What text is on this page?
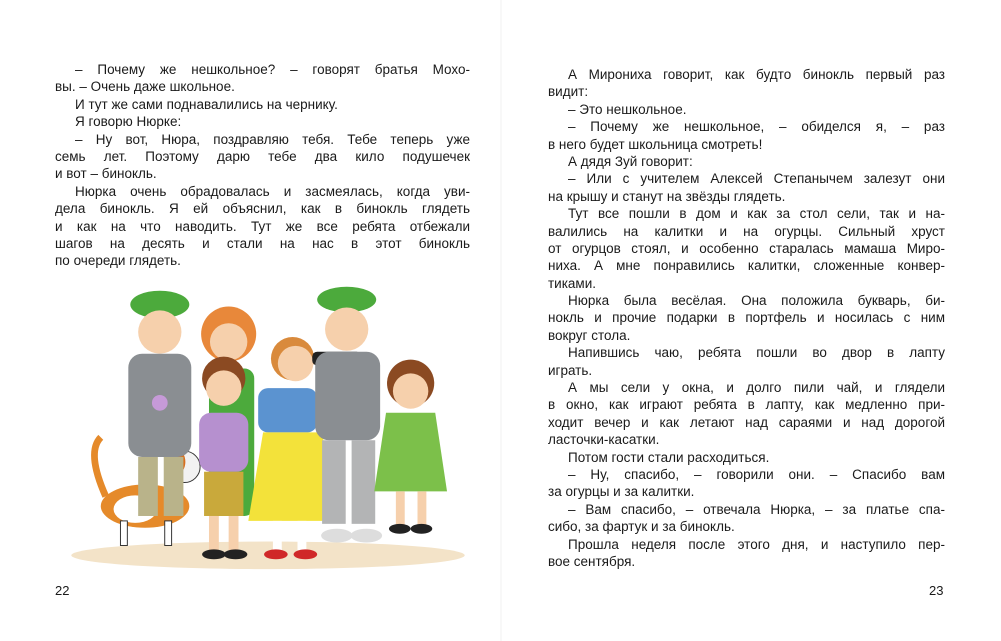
– Почему же нешкольное? – говорят братья Мохо-
вы. – Очень даже школьное.
И тут же сами поднавалились на чернику.
Я говорю Нюрке:
– Ну вот, Нюра, поздравляю тебя. Тебе теперь уже
семь лет. Поэтому дарю тебе два кило подушечек
и вот – бинокль.
Нюрка очень обрадовалась и засмеялась, когда уви-
дела бинокль. Я ей объяснил, как в бинокль глядеть
и как на что наводить. Тут же все ребята отбежали
шагов на десять и стали на нас в этот бинокль
по очереди глядеть.
А Мирониха говорит, как будто бинокль первый раз
видит:
– Это нешкольное.
– Почему же нешкольное, – обиделся я, – раз
в него будет школьница смотреть!
А дядя Зуй говорит:
– Или с учителем Алексей Степанычем залезут они
на крышу и станут на звёзды глядеть.
Тут все пошли в дом и как за стол сели, так и на-
валились на калитки и на огурцы. Сильный хруст
от огурцов стоял, и особенно старалась мамаша Миро-
ниха. А мне понравились калитки, сложенные конвер-
тиками.
Нюрка была весёлая. Она положила букварь, би-
нокль и прочие подарки в портфель и носилась с ним
вокруг стола.
Напившись чаю, ребята пошли во двор в лапту
играть.
А мы сели у окна, и долго пили чай, и глядели
в окно, как играют ребята в лапту, как медленно при-
ходит вечер и как летают над сараями и над дорогой
ласточки-касатки.
Потом гости стали расходиться.
– Ну, спасибо, – говорили они. – Спасибо вам
за огурцы и за калитки.
– Вам спасибо, – отвечала Нюрка, – за платье спа-
сибо, за фартук и за бинокль.
Прошла неделя после этого дня, и наступило пер-
вое сентября.
22	23
